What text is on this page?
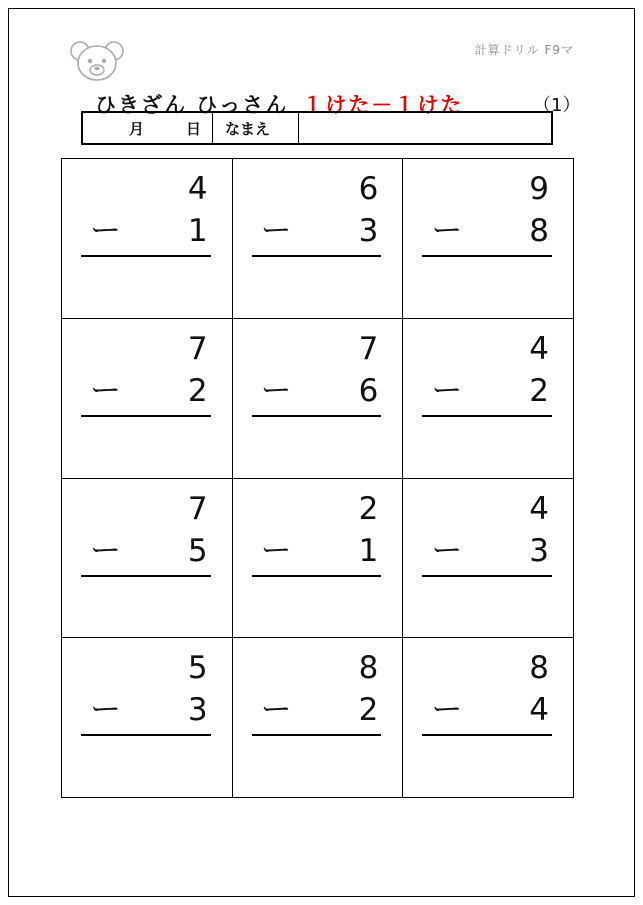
計算ドリル F9マ
ひきざん ひっさん １けた－１けた	（1）
月	日	なまえ
4
ー 1
6
ー 3
9
ー 8
7
ー 2
7
ー 6
4
ー 2
7
ー 5
2
ー 1
4
ー 3
5
ー 3
8
ー 2
8
ー 4
